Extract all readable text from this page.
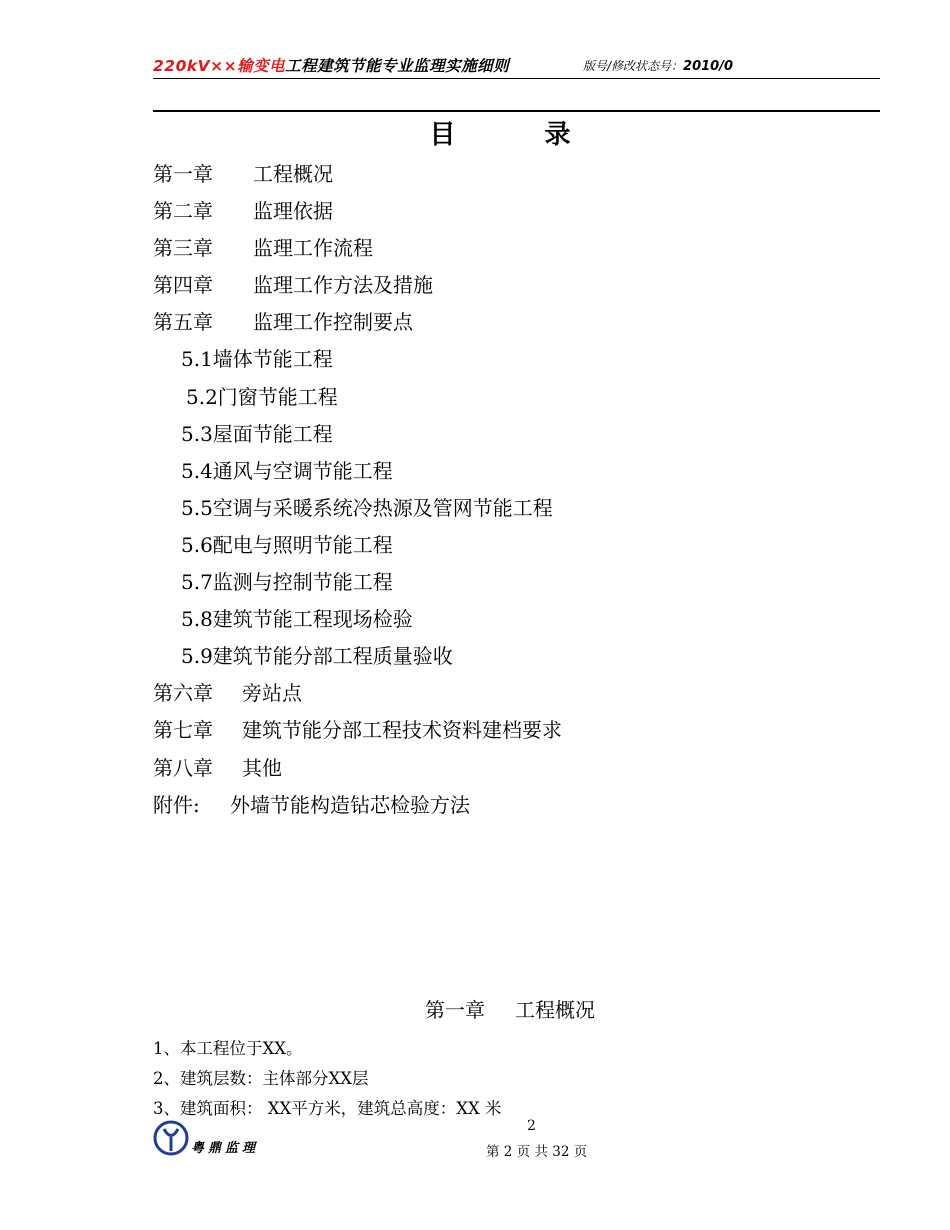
220kV××输变电工程建筑节能专业监理实施细则	版号/修改状态号：2010/0
目 录
第一章 工程概况
第二章 监理依据
第三章 监理工作流程
第四章 监理工作方法及措施
第五章 监理工作控制要点
5.1墙体节能工程
5.2门窗节能工程
5.3屋面节能工程
5.4通风与空调节能工程
5.5空调与采暖系统冷热源及管网节能工程
5.6配电与照明节能工程
5.7监测与控制节能工程
5.8建筑节能工程现场检验
5.9建筑节能分部工程质量验收
第六章 旁站点
第七章 建筑节能分部工程技术资料建档要求
第八章 其他
附件: 外墙节能构造钻芯检验方法
第一章 工程概况
1、本工程位于XX。
2、建筑层数：主体部分XX层
3、建筑面积： XX平方米，建筑总高度：XX 米
粤鼎监理
2
第 2 页 共 32 页
